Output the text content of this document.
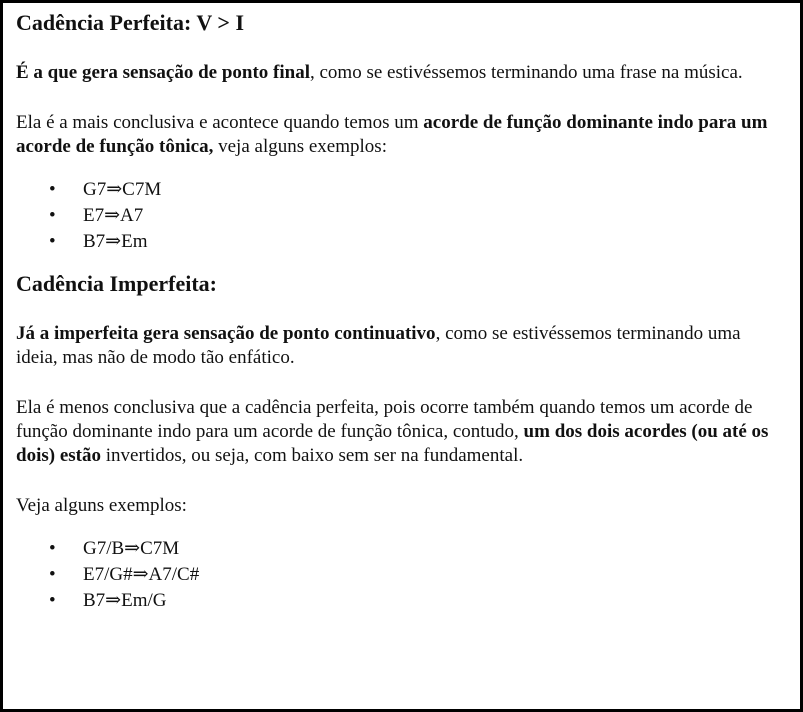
Cadência Perfeita: V > I

É a que gera sensação de ponto final, como se estivéssemos terminando uma frase na música.

Ela é a mais conclusiva e acontece quando temos um acorde de função dominante indo para um acorde de função tônica, veja alguns exemplos:

• G7⇒C7M
• E7⇒A7
• B7⇒Em
Cadência Imperfeita:

Já a imperfeita gera sensação de ponto continuativo, como se estivéssemos terminando uma ideia, mas não de modo tão enfático.

Ela é menos conclusiva que a cadência perfeita, pois ocorre também quando temos um acorde de função dominante indo para um acorde de função tônica, contudo, um dos dois acordes (ou até os dois) estão invertidos, ou seja, com baixo sem ser na fundamental.

Veja alguns exemplos:

• G7/B⇒C7M
• E7/G#⇒A7/C#
• B7⇒Em/G
